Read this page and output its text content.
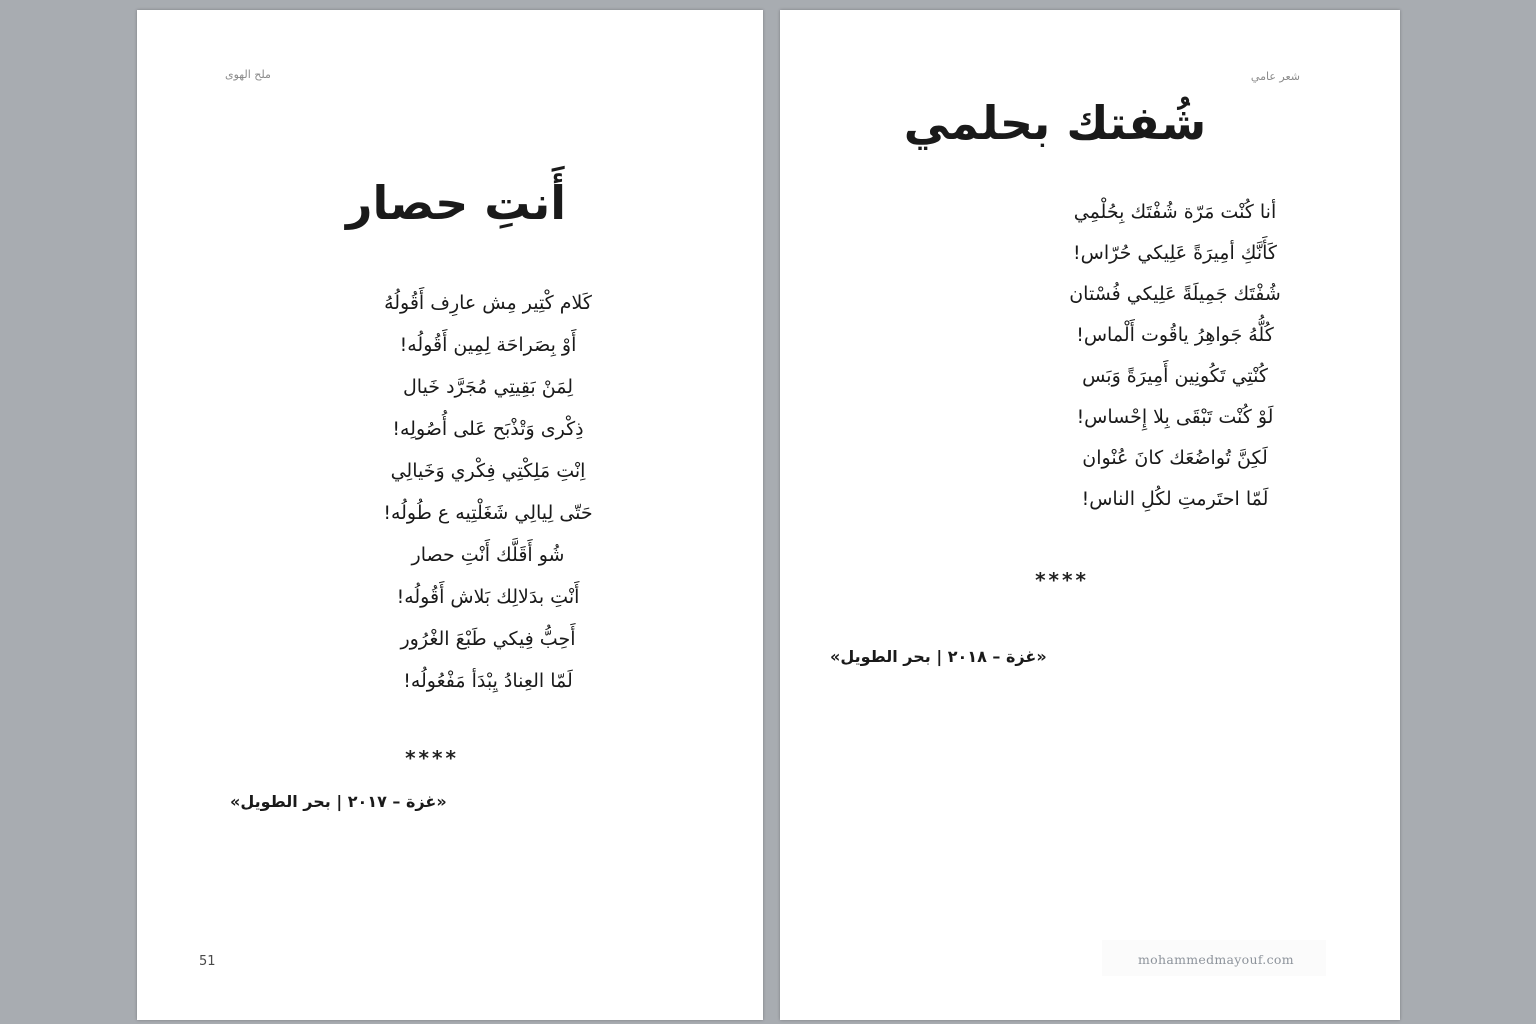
ملح الهوى
أَنتِ حصار
كَلام كْتِير مِش عارِف أَقُولُهُ
أَوْ بِصَراحَة لِمِين أَقُولُه!
لِمَنْ بَقِيتِي مُجَرَّد خَيال
ذِكْرى وَتْذْبَح عَلى أُصُولِه!
اِنْتِ مَلِكْتِي فِكْري وَخَيالِي
حَتّى لِيالِي شَغَلْتِيه ع طُولُه!
شُو أَقَلَّك أَنْتِ حصار
أَنْتِ بدَلالِك بَلاش أَقُولُه!
أَحِبُّ فِيكي طَبْعَ الغْرُور
لَمّا العِنادُ يِبْدَأ مَفْعُولُه!
****
«غزة – ٢٠١٧ | بحر الطويل»
51
شعر عامي
شُفتك بحلمي
أنا كُنْت مَرّة شُفْتَك بِحُلْمِي
كَأَنَّكِ أمِيرَةً عَلِيكي حُرّاس!
شُفْتَك جَمِيلَةً عَلِيكي فُسْتان
كُلُّهُ جَواهِرُ ياقُوت أَلْماس!
كُنْتِي تَكُونِين أَمِيرَةً وَبَس
لَوْ كُنْت تَبْقَى بِلا إِحْساس!
لَكِنَّ تُواضُعَك كانَ عُنْوان
لَمّا احتَرمتِ لكُلِ الناس!
****
«غزة – ٢٠١٨ | بحر الطويل»
mohammedmayouf.com
